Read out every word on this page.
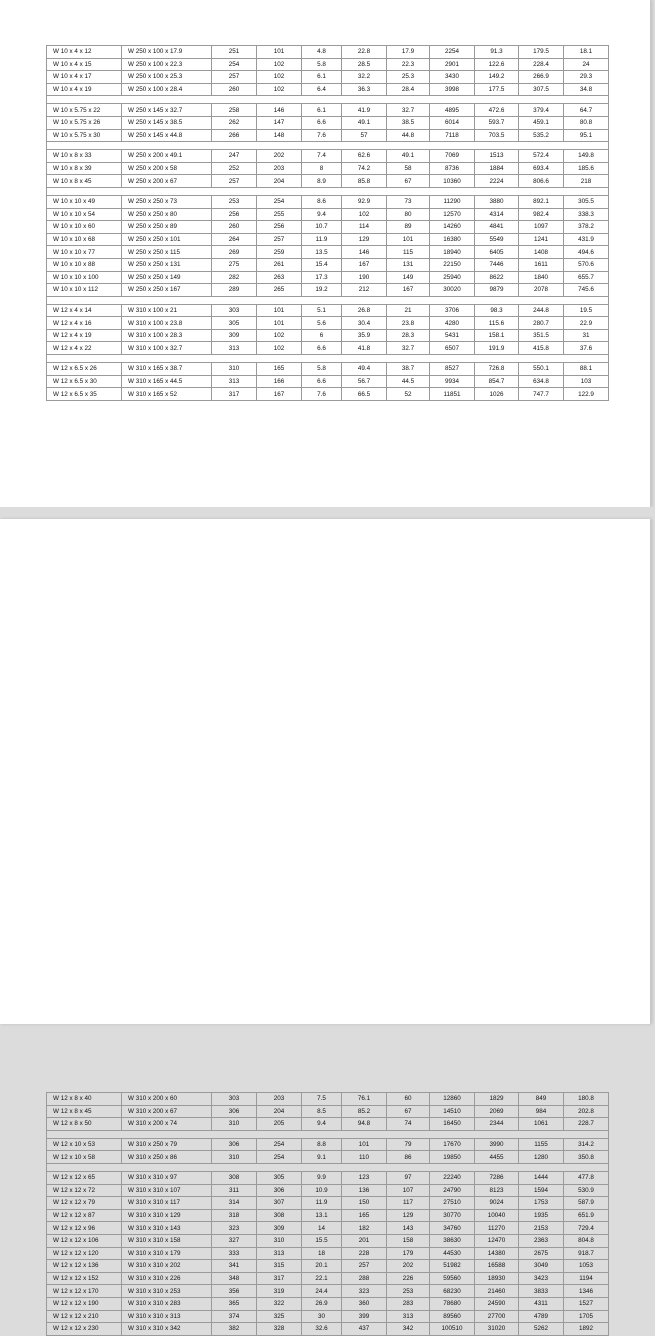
W 10 x 4 x 12	W 250 x 100 x 17.9	251	101	4.8	22.8	17.9	2254	91.3	179.5	18.1
W 10 x 4 x 15	W 250 x 100 x 22.3	254	102	5.8	28.5	22.3	2901	122.6	228.4	24
W 10 x 4 x 17	W 250 x 100 x 25.3	257	102	6.1	32.2	25.3	3430	149.2	266.9	29.3
W 10 x 4 x 19	W 250 x 100 x 28.4	260	102	6.4	36.3	28.4	3998	177.5	307.5	34.8

W 10 x 5.75 x 22	W 250 x 145 x 32.7	258	146	6.1	41.9	32.7	4895	472.6	379.4	64.7
W 10 x 5.75 x 26	W 250 x 145 x 38.5	262	147	6.6	49.1	38.5	6014	593.7	459.1	80.8
W 10 x 5.75 x 30	W 250 x 145 x 44.8	266	148	7.6	57	44.8	7118	703.5	535.2	95.1

W 10 x 8 x 33	W 250 x 200 x 49.1	247	202	7.4	62.6	49.1	7069	1513	572.4	149.8
W 10 x 8 x 39	W 250 x 200 x 58	252	203	8	74.2	58	8736	1884	693.4	185.6
W 10 x 8 x 45	W 250 x 200 x 67	257	204	8.9	85.8	67	10360	2224	806.6	218

W 10 x 10 x 49	W 250 x 250 x 73	253	254	8.6	92.9	73	11290	3880	892.1	305.5
W 10 x 10 x 54	W 250 x 250 x 80	256	255	9.4	102	80	12570	4314	982.4	338.3
W 10 x 10 x 60	W 250 x 250 x 89	260	256	10.7	114	89	14260	4841	1097	378.2
W 10 x 10 x 68	W 250 x 250 x 101	264	257	11.9	129	101	16380	5549	1241	431.9
W 10 x 10 x 77	W 250 x 250 x 115	269	259	13.5	146	115	18940	6405	1408	494.6
W 10 x 10 x 88	W 250 x 250 x 131	275	261	15.4	167	131	22150	7446	1611	570.6
W 10 x 10 x 100	W 250 x 250 x 149	282	263	17.3	190	149	25940	8622	1840	655.7
W 10 x 10 x 112	W 250 x 250 x 167	289	265	19.2	212	167	30020	9879	2078	745.6

W 12 x 4 x 14	W 310 x 100 x 21	303	101	5.1	26.8	21	3706	98.3	244.8	19.5
W 12 x 4 x 16	W 310 x 100 x 23.8	305	101	5.6	30.4	23.8	4280	115.6	280.7	22.9
W 12 x 4 x 19	W 310 x 100 x 28.3	309	102	6	35.9	28.3	5431	158.1	351.5	31
W 12 x 4 x 22	W 310 x 100 x 32.7	313	102	6.6	41.8	32.7	6507	191.9	415.8	37.6

W 12 x 6.5 x 26	W 310 x 165 x 38.7	310	165	5.8	49.4	38.7	8527	726.8	550.1	88.1
W 12 x 6.5 x 30	W 310 x 165 x 44.5	313	166	6.6	56.7	44.5	9934	854.7	634.8	103
W 12 x 6.5 x 35	W 310 x 165 x 52	317	167	7.6	66.5	52	11851	1026	747.7	122.9
W 12 x 8 x 40	W 310 x 200 x 60	303	203	7.5	76.1	60	12860	1829	849	180.8
W 12 x 8 x 45	W 310 x 200 x 67	306	204	8.5	85.2	67	14510	2069	984	202.8
W 12 x 8 x 50	W 310 x 200 x 74	310	205	9.4	94.8	74	16450	2344	1061	228.7

W 12 x 10 x 53	W 310 x 250 x 79	306	254	8.8	101	79	17670	3990	1155	314.2
W 12 x 10 x 58	W 310 x 250 x 86	310	254	9.1	110	86	19850	4455	1280	350.8

W 12 x 12 x 65	W 310 x 310 x 97	308	305	9.9	123	97	22240	7286	1444	477.8
W 12 x 12 x 72	W 310 x 310 x 107	311	306	10.9	136	107	24790	8123	1594	530.9
W 12 x 12 x 79	W 310 x 310 x 117	314	307	11.9	150	117	27510	9024	1753	587.9
W 12 x 12 x 87	W 310 x 310 x 129	318	308	13.1	165	129	30770	10040	1935	651.9
W 12 x 12 x 96	W 310 x 310 x 143	323	309	14	182	143	34760	11270	2153	729.4
W 12 x 12 x 106	W 310 x 310 x 158	327	310	15.5	201	158	38630	12470	2363	804.8
W 12 x 12 x 120	W 310 x 310 x 179	333	313	18	228	179	44530	14380	2675	918.7
W 12 x 12 x 136	W 310 x 310 x 202	341	315	20.1	257	202	51982	16588	3049	1053
W 12 x 12 x 152	W 310 x 310 x 226	348	317	22.1	288	226	59560	18930	3423	1194
W 12 x 12 x 170	W 310 x 310 x 253	356	319	24.4	323	253	68230	21460	3833	1346
W 12 x 12 x 190	W 310 x 310 x 283	365	322	26.9	360	283	78680	24590	4311	1527
W 12 x 12 x 210	W 310 x 310 x 313	374	325	30	399	313	89560	27700	4789	1705
W 12 x 12 x 230	W 310 x 310 x 342	382	328	32.6	437	342	100510	31020	5262	1892
